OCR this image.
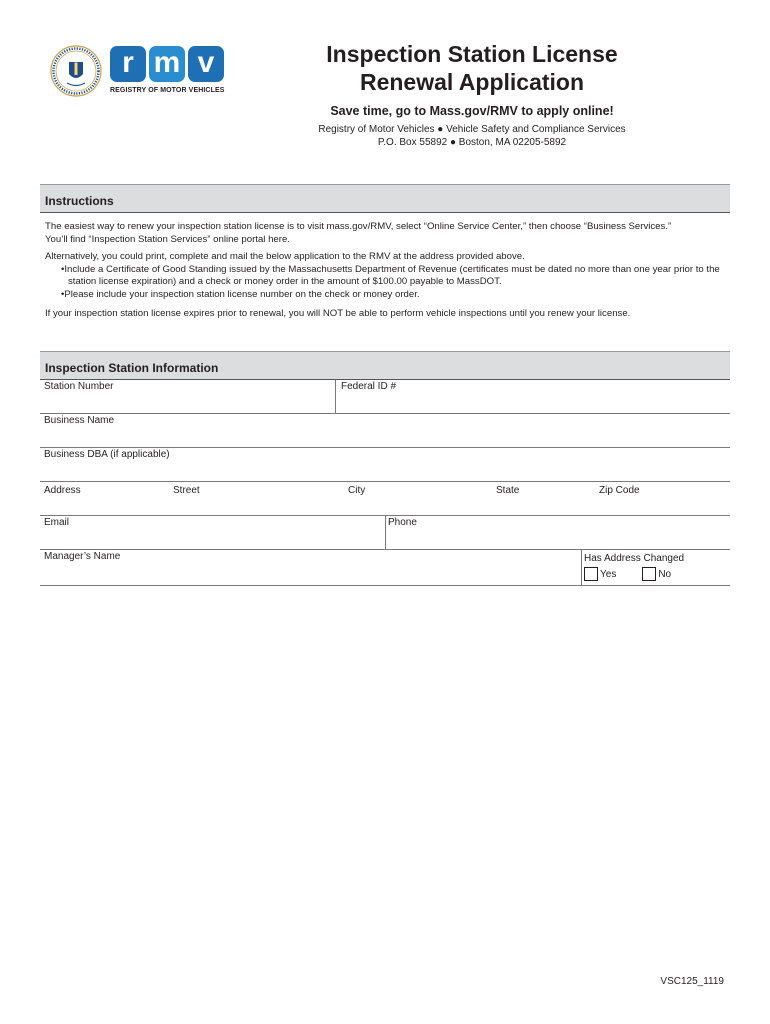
r m v
REGISTRY OF MOTOR VEHICLES
Inspection Station License
Renewal Application
Save time, go to Mass.gov/RMV to apply online!
Registry of Motor Vehicles ● Vehicle Safety and Compliance Services
P.O. Box 55892 ● Boston, MA 02205-5892
Instructions

The easiest way to renew your inspection station license is to visit mass.gov/RMV, select “Online Service Center,” then choose “Business Services.”

You’ll find “Inspection Station Services” online portal here.

Alternatively, you could print, complete and mail the below application to the RMV at the address provided above.

• Include a Certificate of Good Standing issued by the Massachusetts Department of Revenue (certificates must be dated no more than one year prior to the station license expiration) and a check or money order in the amount of $100.00 payable to MassDOT.
• Please include your inspection station license number on the check or money order.

If your inspection station license expires prior to renewal, you will NOT be able to perform vehicle inspections until you renew your license.

Inspection Station Information
Station Number	Federal ID #
Business Name
Business DBA (if applicable)
Address	Street	City	State	Zip Code
Email	Phone
Manager’s Name	Has Address Changed
Yes	No
VSC125_1119
